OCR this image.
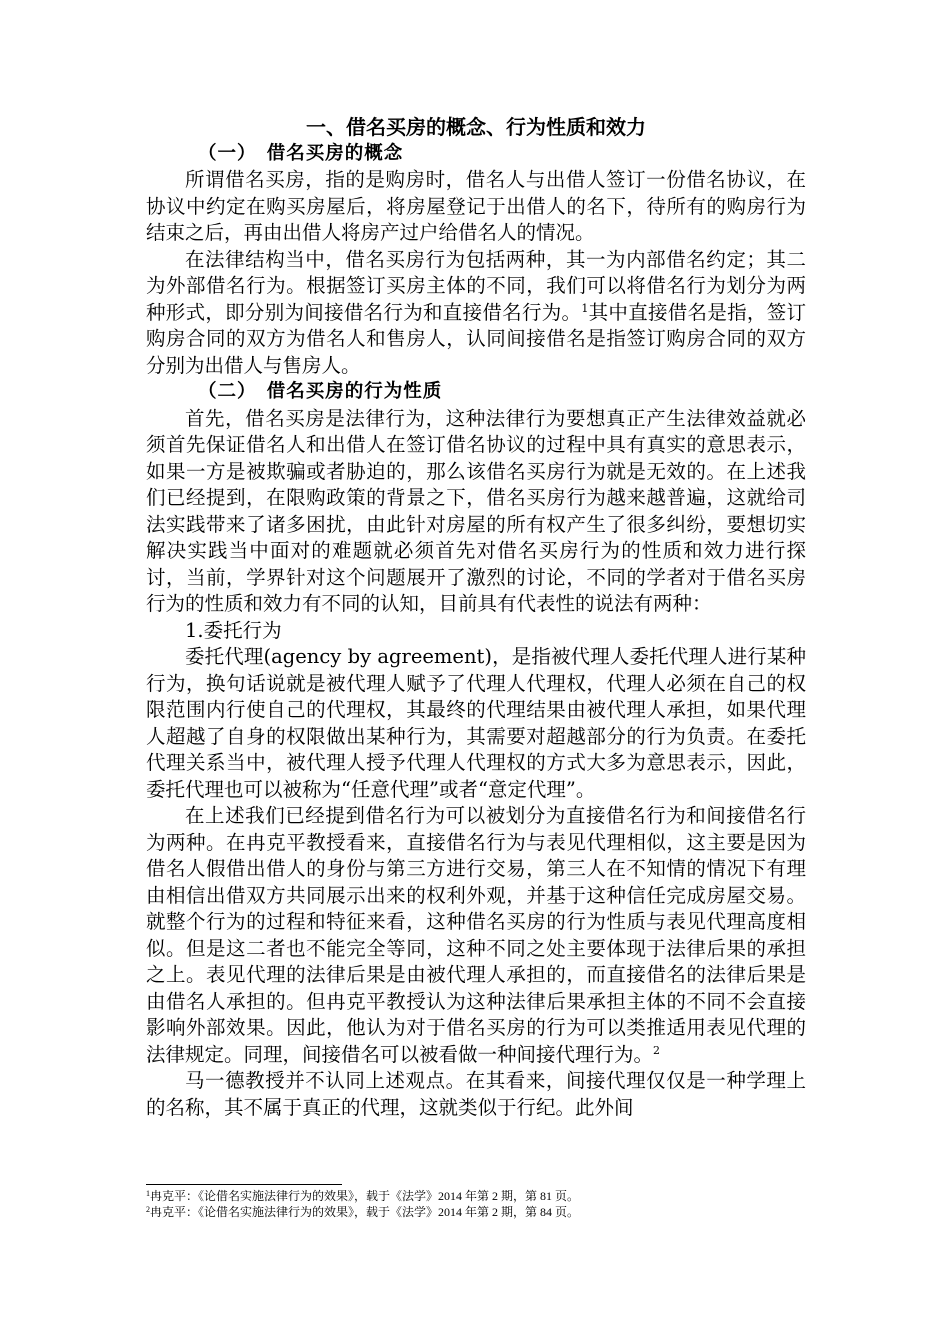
一、借名买房的概念、行为性质和效力
（一）　借名买房的概念

所谓借名买房，指的是购房时，借名人与出借人签订一份借名协议，在协议中约定在购买房屋后，将房屋登记于出借人的名下，待所有的购房行为结束之后，再由出借人将房产过户给借名人的情况。

在法律结构当中，借名买房行为包括两种，其一为内部借名约定；其二为外部借名行为。根据签订买房主体的不同，我们可以将借名行为划分为两种形式，即分别为间接借名行为和直接借名行为。$^1$其中直接借名是指，签订购房合同的双方为借名人和售房人，认同间接借名是指签订购房合同的双方分别为出借人与售房人。

（二）　借名买房的行为性质

首先，借名买房是法律行为，这种法律行为要想真正产生法律效益就必须首先保证借名人和出借人在签订借名协议的过程中具有真实的意思表示，如果一方是被欺骗或者胁迫的，那么该借名买房行为就是无效的。在上述我们已经提到，在限购政策的背景之下，借名买房行为越来越普遍，这就给司法实践带来了诸多困扰，由此针对房屋的所有权产生了很多纠纷，要想切实解决实践当中面对的难题就必须首先对借名买房行为的性质和效力进行探讨，当前，学界针对这个问题展开了激烈的讨论，不同的学者对于借名买房行为的性质和效力有不同的认知，目前具有代表性的说法有两种：

1.委托行为

委托代理(agency by agreement)，是指被代理人委托代理人进行某种行为，换句话说就是被代理人赋予了代理人代理权，代理人必须在自己的权限范围内行使自己的代理权，其最终的代理结果由被代理人承担，如果代理人超越了自身的权限做出某种行为，其需要对超越部分的行为负责。在委托代理关系当中，被代理人授予代理人代理权的方式大多为意思表示，因此，委托代理也可以被称为“任意代理”或者“意定代理”。

在上述我们已经提到借名行为可以被划分为直接借名行为和间接借名行为两种。在冉克平教授看来，直接借名行为与表见代理相似，这主要是因为借名人假借出借人的身份与第三方进行交易，第三人在不知情的情况下有理由相信出借双方共同展示出来的权利外观，并基于这种信任完成房屋交易。就整个行为的过程和特征来看，这种借名买房的行为性质与表见代理高度相似。但是这二者也不能完全等同，这种不同之处主要体现于法律后果的承担之上。表见代理的法律后果是由被代理人承担的，而直接借名的法律后果是由借名人承担的。但冉克平教授认为这种法律后果承担主体的不同不会直接影响外部效果。因此，他认为对于借名买房的行为可以类推适用表见代理的法律规定。同理，间接借名可以被看做一种间接代理行为。$^2$

马一德教授并不认同上述观点。在其看来，间接代理仅仅是一种学理上的名称，其不属于真正的代理，这就类似于行纪。此外间

$^1$冉克平：《论借名实施法律行为的效果》，载于《法学》2014 年第 2 期，第 81 页。

$^2$冉克平：《论借名实施法律行为的效果》，载于《法学》2014 年第 2 期，第 84 页。
